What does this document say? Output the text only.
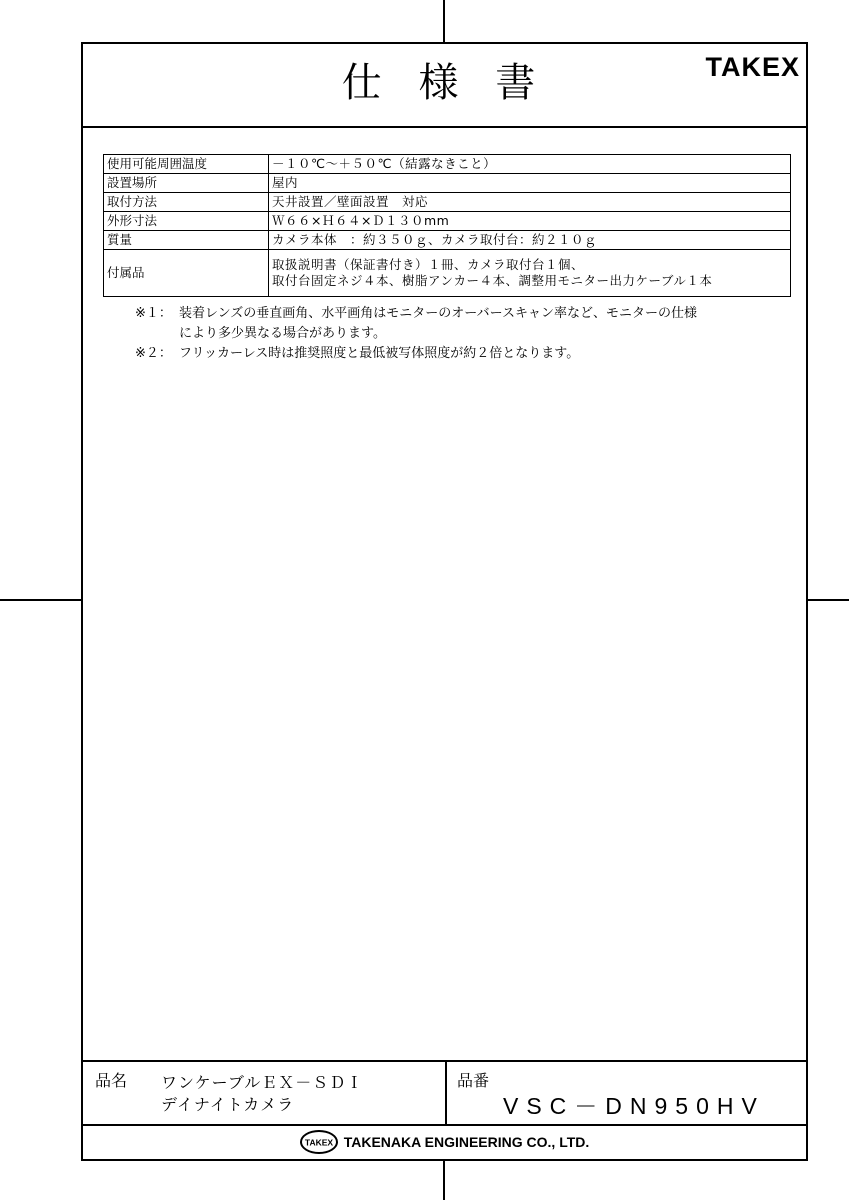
仕 様 書	TAKEX
使用可能周囲温度	－１０℃～＋５０℃（結露なきこと）
設置場所	屋内
取付方法	天井設置／壁面設置　対応
外形寸法	Ｗ６６×Ｈ６４×Ｄ１３０mm
質量	カメラ本体　：約３５０ｇ、カメラ取付台：約２１０ｇ
付属品	取扱説明書（保証書付き）１冊、カメラ取付台１個、
取付台固定ネジ４本、樹脂アンカー４本、調整用モニター出力ケーブル１本
※１： 装着レンズの垂直画角、水平画角はモニターのオーバースキャン率など、モニターの仕様
により多少異なる場合があります。
※２： フリッカーレス時は推奨照度と最低被写体照度が約２倍となります。
品名 ワンケーブルＥＸ－ＳＤＩ
デイナイトカメラ
品番
VSC－DN950HV
TAKEX TAKENAKA ENGINEERING CO., LTD.
